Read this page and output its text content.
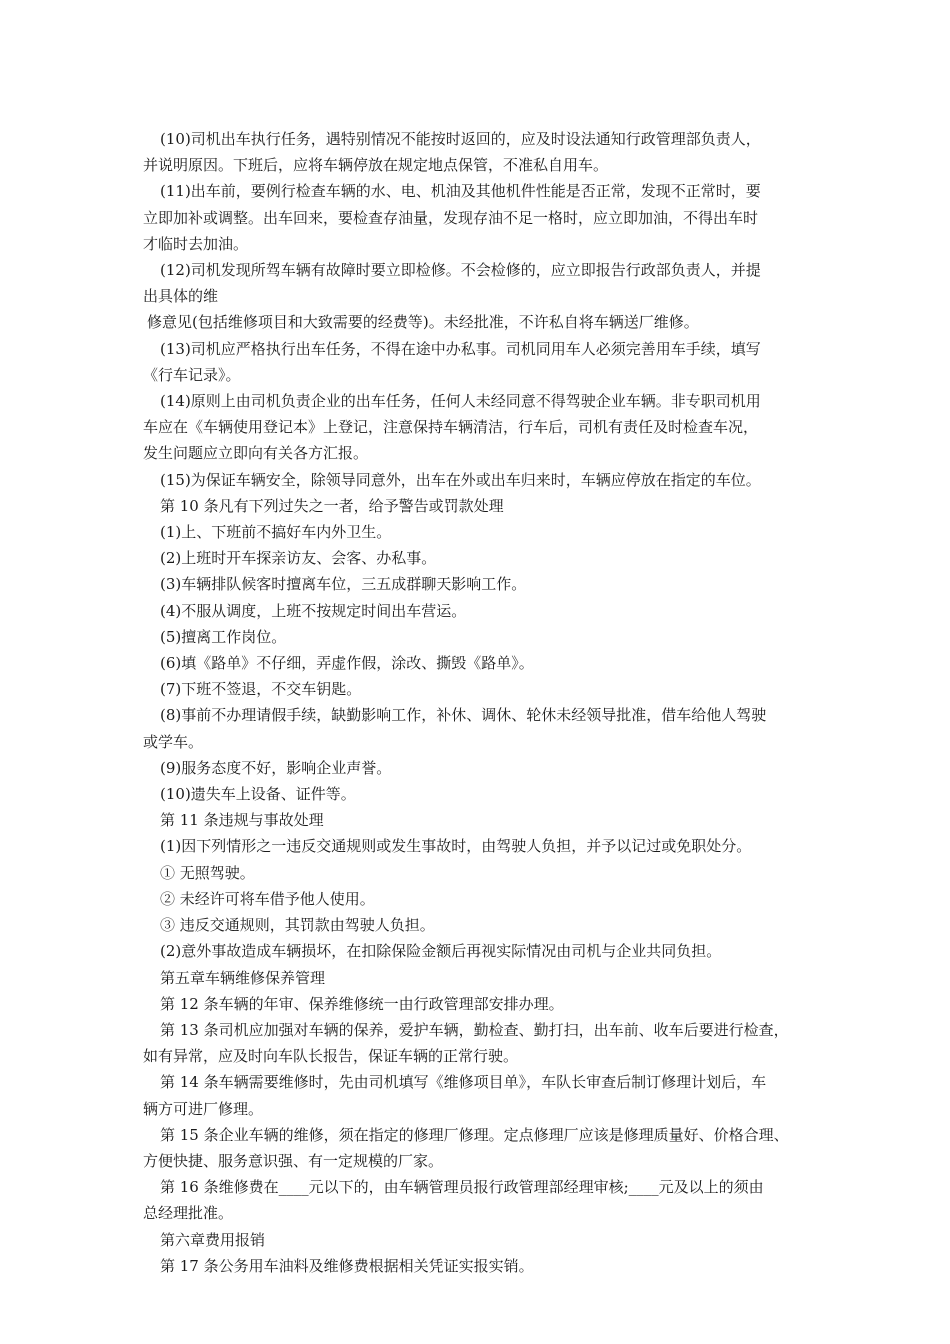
(10)司机出车执行任务，遇特别情况不能按时返回的，应及时设法通知行政管理部负责人，

并说明原因。下班后，应将车辆停放在规定地点保管，不准私自用车。

(11)出车前，要例行检查车辆的水、电、机油及其他机件性能是否正常，发现不正常时，要

立即加补或调整。出车回来，要检查存油量，发现存油不足一格时，应立即加油，不得出车时

才临时去加油。

(12)司机发现所驾车辆有故障时要立即检修。不会检修的，应立即报告行政部负责人，并提

出具体的维

修意见(包括维修项目和大致需要的经费等)。未经批准，不许私自将车辆送厂维修。

(13)司机应严格执行出车任务，不得在途中办私事。司机同用车人必须完善用车手续，填写

《行车记录》。

(14)原则上由司机负责企业的出车任务，任何人未经同意不得驾驶企业车辆。非专职司机用

车应在《车辆使用登记本》上登记，注意保持车辆清洁，行车后，司机有责任及时检查车况，

发生问题应立即向有关各方汇报。

(15)为保证车辆安全，除领导同意外，出车在外或出车归来时，车辆应停放在指定的车位。

第 10 条凡有下列过失之一者，给予警告或罚款处理

(1)上、下班前不搞好车内外卫生。

(2)上班时开车探亲访友、会客、办私事。

(3)车辆排队候客时擅离车位，三五成群聊天影响工作。

(4)不服从调度，上班不按规定时间出车营运。

(5)擅离工作岗位。

(6)填《路单》不仔细，弄虚作假，涂改、撕毁《路单》。

(7)下班不签退，不交车钥匙。

(8)事前不办理请假手续，缺勤影响工作，补休、调休、轮休未经领导批准，借车给他人驾驶

或学车。

(9)服务态度不好，影响企业声誉。

(10)遗失车上设备、证件等。

第 11 条违规与事故处理

(1)因下列情形之一违反交通规则或发生事故时，由驾驶人负担，并予以记过或免职处分。

① 无照驾驶。

② 未经许可将车借予他人使用。

③ 违反交通规则，其罚款由驾驶人负担。

(2)意外事故造成车辆损坏，在扣除保险金额后再视实际情况由司机与企业共同负担。

第五章车辆维修保养管理

第 12 条车辆的年审、保养维修统一由行政管理部安排办理。

第 13 条司机应加强对车辆的保养，爱护车辆，勤检查、勤打扫，出车前、收车后要进行检查，

如有异常，应及时向车队长报告，保证车辆的正常行驶。

第 14 条车辆需要维修时，先由司机填写《维修项目单》，车队长审查后制订修理计划后，车

辆方可进厂修理。

第 15 条企业车辆的维修，须在指定的修理厂修理。定点修理厂应该是修理质量好、价格合理、

方便快捷、服务意识强、有一定规模的厂家。

第 16 条维修费在____元以下的，由车辆管理员报行政管理部经理审核;____元及以上的须由

总经理批准。

第六章费用报销

第 17 条公务用车油料及维修费根据相关凭证实报实销。
